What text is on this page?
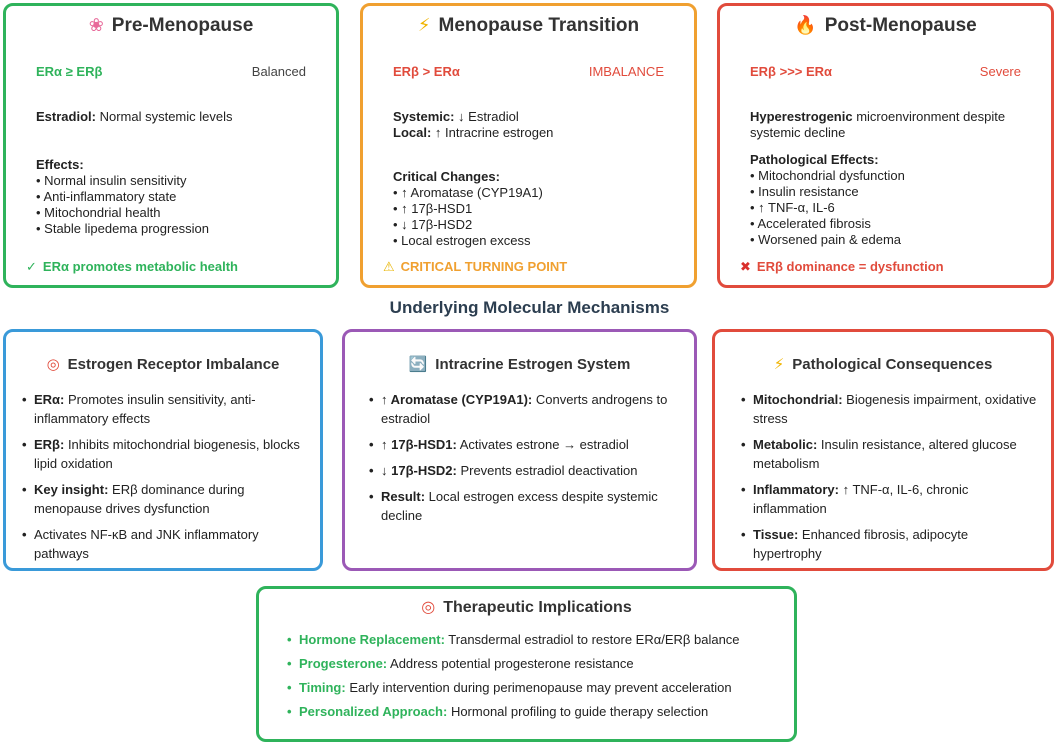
❀ Pre-Menopause
ERα ≥ ERβ	Balanced
Estradiol: Normal systemic levels
Effects:
• Normal insulin sensitivity
• Anti-inflammatory state
• Mitochondrial health
• Stable lipedema progression
✓ ERα promotes metabolic health
⚡ Menopause Transition
ERβ > ERα	IMBALANCE
Systemic: ↓ Estradiol
Local: ↑ Intracrine estrogen
Critical Changes:
• ↑ Aromatase (CYP19A1)
• ↑ 17β-HSD1
• ↓ 17β-HSD2
• Local estrogen excess
⚠ CRITICAL TURNING POINT
🔥 Post-Menopause
ERβ >>> ERα	Severe
Hyperestrogenic microenvironment despite systemic decline
Pathological Effects:
• Mitochondrial dysfunction
• Insulin resistance
• ↑ TNF-α, IL-6
• Accelerated fibrosis
• Worsened pain & edema
✖ ERβ dominance = dysfunction
Underlying Molecular Mechanisms
◎ Estrogen Receptor Imbalance
• ERα: Promotes insulin sensitivity, anti-inflammatory effects
• ERβ: Inhibits mitochondrial biogenesis, blocks lipid oxidation
• Key insight: ERβ dominance during menopause drives dysfunction
• Activates NF-κB and JNK inflammatory pathways
🔄 Intracrine Estrogen System
• ↑ Aromatase (CYP19A1): Converts androgens to estradiol
• ↑ 17β-HSD1: Activates estrone → estradiol
• ↓ 17β-HSD2: Prevents estradiol deactivation
• Result: Local estrogen excess despite systemic decline
⚡ Pathological Consequences
• Mitochondrial: Biogenesis impairment, oxidative stress
• Metabolic: Insulin resistance, altered glucose metabolism
• Inflammatory: ↑ TNF-α, IL-6, chronic inflammation
• Tissue: Enhanced fibrosis, adipocyte hypertrophy
◎ Therapeutic Implications
• Hormone Replacement: Transdermal estradiol to restore ERα/ERβ balance
• Progesterone: Address potential progesterone resistance
• Timing: Early intervention during perimenopause may prevent acceleration
• Personalized Approach: Hormonal profiling to guide therapy selection
